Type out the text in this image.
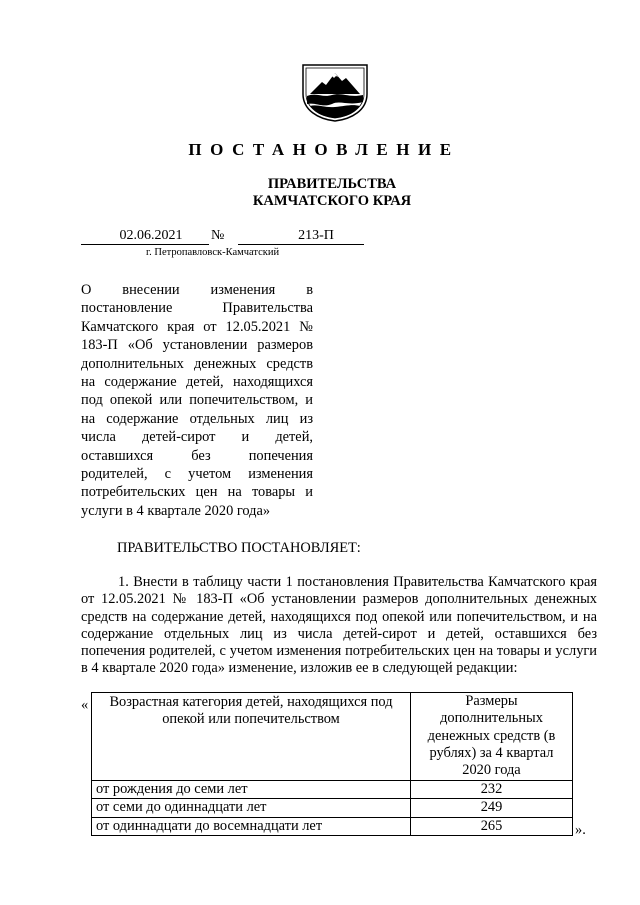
ПОСТАНОВЛЕНИЕ
ПРАВИТЕЛЬСТВА
КАМЧАТСКОГО КРАЯ
02.06.2021	№	213-П
г. Петропавловск-Камчатский
О внесении изменения в постановление Правительства Камчатского края от 12.05.2021 № 183-П «Об установлении размеров дополнительных денежных средств на содержание детей, находящихся под опекой или попечительством, и на содержание отдельных лиц из числа детей-сирот и детей, оставшихся без попечения родителей, с учетом изменения потребительских цен на товары и услуги в 4 квартале 2020 года»
ПРАВИТЕЛЬСТВО ПОСТАНОВЛЯЕТ:
1. Внести в таблицу части 1 постановления Правительства Камчатского края от 12.05.2021 № 183-П «Об установлении размеров дополнительных денежных средств на содержание детей, находящихся под опекой или попечительством, и на содержание отдельных лиц из числа детей-сирот и детей, оставшихся без попечения родителей, с учетом изменения потребительских цен на товары и услуги в 4 квартале 2020 года» изменение, изложив ее в следующей редакции:
« Возрастная категория детей, находящихся под опекой или попечительством	Размеры дополнительных денежных средств (в рублях) за 4 квартал 2020 года
от рождения до семи лет	232
от семи до одиннадцати лет	249
от одиннадцати до восемнадцати лет	265	».
